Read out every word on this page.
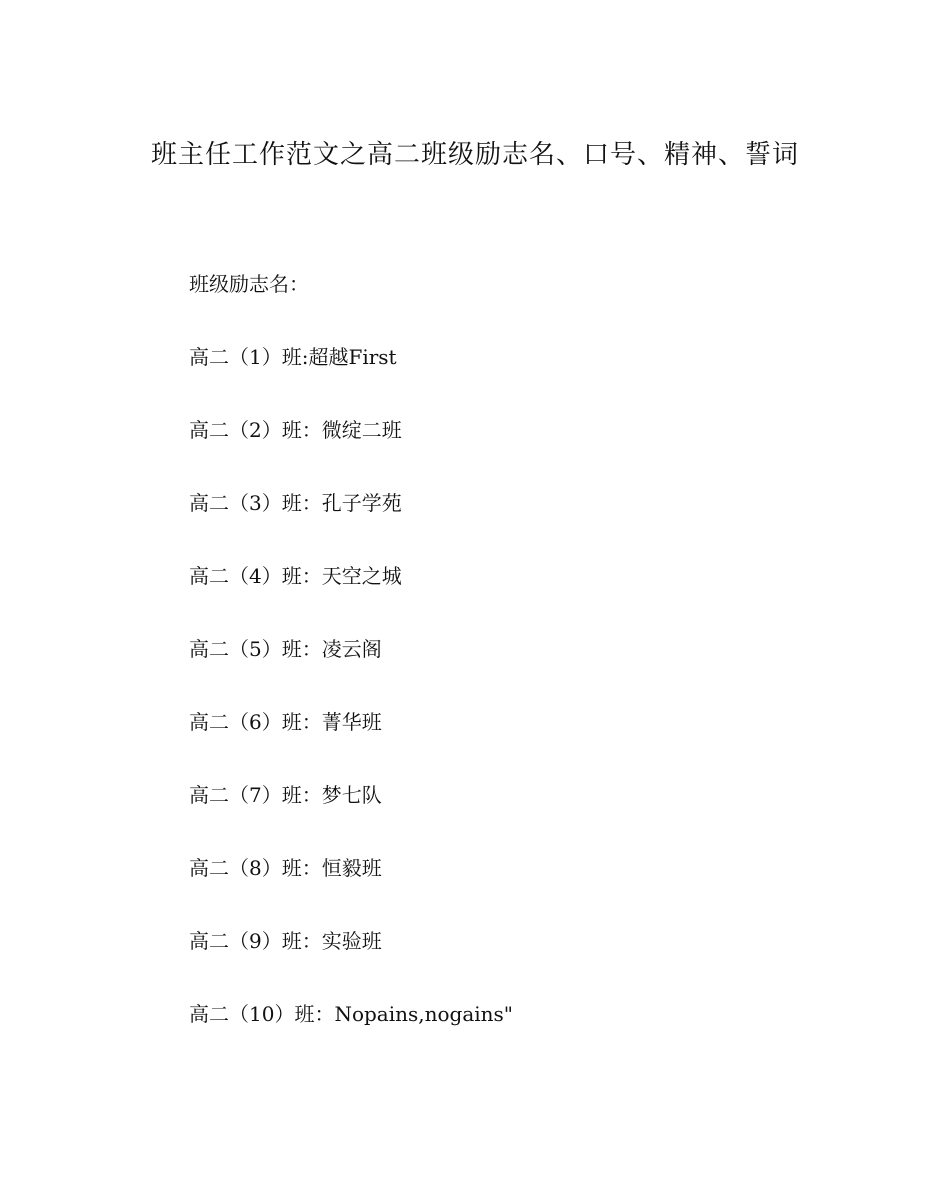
班主任工作范文之高二班级励志名、口号、精神、誓词

班级励志名：

高二（1）班:超越First
高二（2）班：微绽二班
高二（3）班：孔子学苑
高二（4）班：天空之城
高二（5）班：凌云阁
高二（6）班：菁华班
高二（7）班：梦七队
高二（8）班：恒毅班
高二（9）班：实验班
高二（10）班：Nopains,nogains"
